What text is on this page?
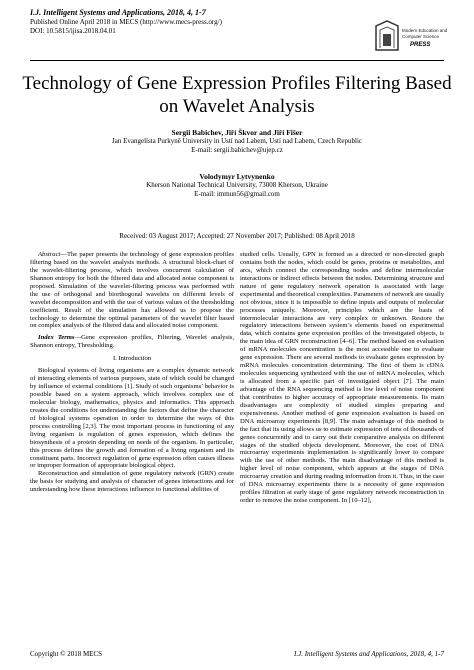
I.J. Intelligent Systems and Applications, 2018, 4, 1-7
Published Online April 2018 in MECS (http://www.mecs-press.org/)
DOI: 10.5815/ijisa.2018.04.01	Modern Education and Computer Science
PRESS
Technology of Gene Expression Profiles Filtering Based on Wavelet Analysis
Sergii Babichev, Jiří Škvor and Jiří Fišer
Jan Evangelista Purkyně University in Ustí nad Labem, Ustí nad Labem, Czech Republic
E-mail: sergii.babichev@ujep.cz
Volodymyr Lytvynenko
Kherson National Technical University, 73008 Kherson, Ukraine
E-mail: immun56@gmail.com
Received: 03 August 2017; Accepted: 27 November 2017; Published: 08 April 2018

Abstract—The paper presents the technology of gene expression profiles filtering based on the wavelet analysis methods. A structural block-chart of the wavelet-filtering process, which involves concurrent calculation of Shannon entropy for both the filtered data and allocated noise component is proposed. Simulation of the wavelet-filtering process was performed with the use of orthogonal and biorthogonal wavelets on different levels of wavelet decomposition and with the use of various values of the thresholding coefficient. Result of the simulation has allowed us to propose the technology to determine the optimal parameters of the wavelet filter based on complex analysis of the filtered data and allocated noise component.

Index Terms—Gene expression profiles, Filtering, Wavelet analysis, Shannon entropy, Thresholding.

I. Introduction

Biological systems of living organisms are a complex dynamic network of interacting elements of various purposes, state of which could be changed by influence of external conditions [1]. Study of such organisms’ behavior is possible based on a system approach, which involves complex use of molecular biology, mathematics, physics and informatics. This approach creates the conditions for understanding the factors that define the character of biological systems operation in order to determine the ways of this process controlling [2,3]. The most important process in functioning of any living organism is regulation of genes expression, which defines the biosynthesis of a protein depending on needs of the organism. In particular, this process defines the growth and formation of a living organism and its constituent parts. Incorrect regulation of gene expression often causes illness or improper formation of appropriate biological object.

Reconstruction and simulation of gene regulatory network (GRN) create the basis for studying and analysis of character of genes interactions and for understanding how these interactions influence to functional abilities of

studied cells. Usually, GPN is formed as a directed or non-directed graph contains both the nodes, which could be genes, proteins or metabolites, and arcs, which connect the corresponding nodes and define intermolecular interactions or indirect effects between the nodes. Determining structure and nature of gene regulatory network operation is associated with large experimental and theoretical complexities. Parameters of network are usually not obvious, since it is impossible to define inputs and outputs of molecular processes uniquely. Moreover, principles which are the basis of intermolecular interactions are very complex or unknown. Restore the regulatory interactions between system’s elements based on experimental data, which contains gene expression profiles of the investigated objects, is the main idea of GRN reconstruction [4–6]. The method based on evaluation of mRNA molecules concentration is the most accessible one to evaluate gene expression. There are several methods to evaluate genes expression by mRNA molecules concentration determining. The first of them is cDNA molecules sequencing synthesized with the use of mRNA molecules, which is allocated from a specific part of investigated object [7]. The main advantage of the RNA sequencing method is low level of noise component that contributes to higher accuracy of appropriate measurements. Its main disadvantages are complexity of studied simples preparing and expensiveness. Another method of gene expression evaluation is based on DNA microarray experiments [8,9]. The main advantage of this method is the fact that its using allows us to estimate expression of tens of thousands of genes concurrently and to carry out their comparative analysis on different stages of the studied objects development. Moreover, the cost of DNA microarray experiments implementation is significantly lower to compare with the use of other methods. The main disadvantage of this method is higher level of noise component, which appears at the stages of DNA microarray creation and during reading information from it. Thus, in the case of DNA microarray experiments there is a necessity of gene expression profiles filtration at early stage of gene regulatory network reconstruction in order to remove the noise component. In [10–12],

Copyright © 2018 MECS	I.J. Intelligent Systems and Applications, 2018, 4, 1-7
